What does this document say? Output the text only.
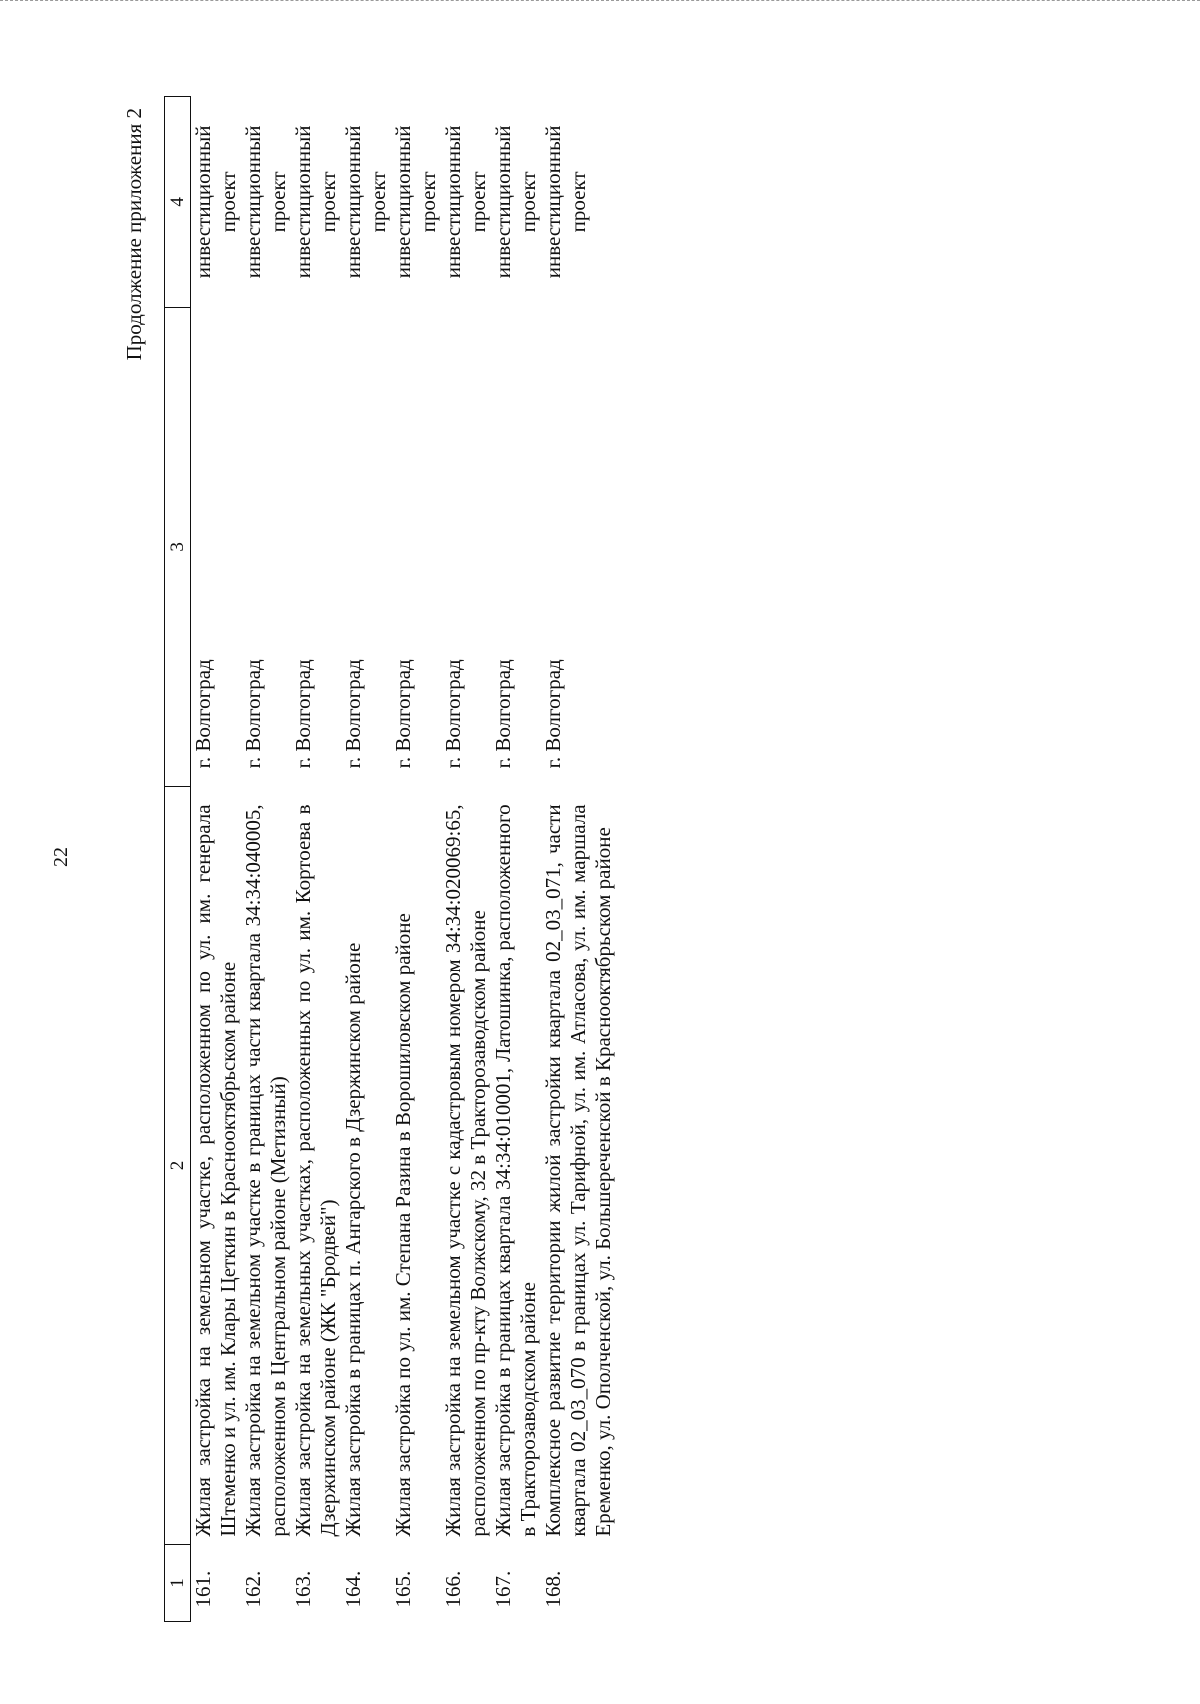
22
Продолжение приложения 2
1	2	3	4
161.	Жилая застройка на земельном участке, расположенном по ул. им. генерала Штеменко и ул. им. Клары Цеткин в Краснооктябрьском районе	г. Волгоград	инвестиционный проект
162.	Жилая застройка на земельном участке в границах части квартала 34:34:040005, расположенном в Центральном районе (Метизный)	г. Волгоград	инвестиционный проект
163.	Жилая застройка на земельных участках, расположенных по ул. им. Кортоева в Дзержинском районе (ЖК "Бродвей")	г. Волгоград	инвестиционный проект
164.	Жилая застройка в границах п. Ангарского в Дзержинском районе	г. Волгоград	инвестиционный проект
165.	Жилая застройка по ул. им. Степана Разина в Ворошиловском районе	г. Волгоград	инвестиционный проект
166.	Жилая застройка на земельном участке с кадастровым номером 34:34:020069:65, расположенном по пр-кту Волжскому, 32 в Тракторозаводском районе	г. Волгоград	инвестиционный проект
167.	Жилая застройка в границах квартала 34:34:010001, Латошинка, расположенного в Тракторозаводском районе	г. Волгоград	инвестиционный проект
168.	Комплексное развитие территории жилой застройки квартала 02_03_071, части квартала 02_03_070 в границах ул. Тарифной, ул. им. Атласова, ул. им. маршала Еременко, ул. Ополченской, ул. Большереченской в Краснооктябрьском районе	г. Волгоград	инвестиционный проект
